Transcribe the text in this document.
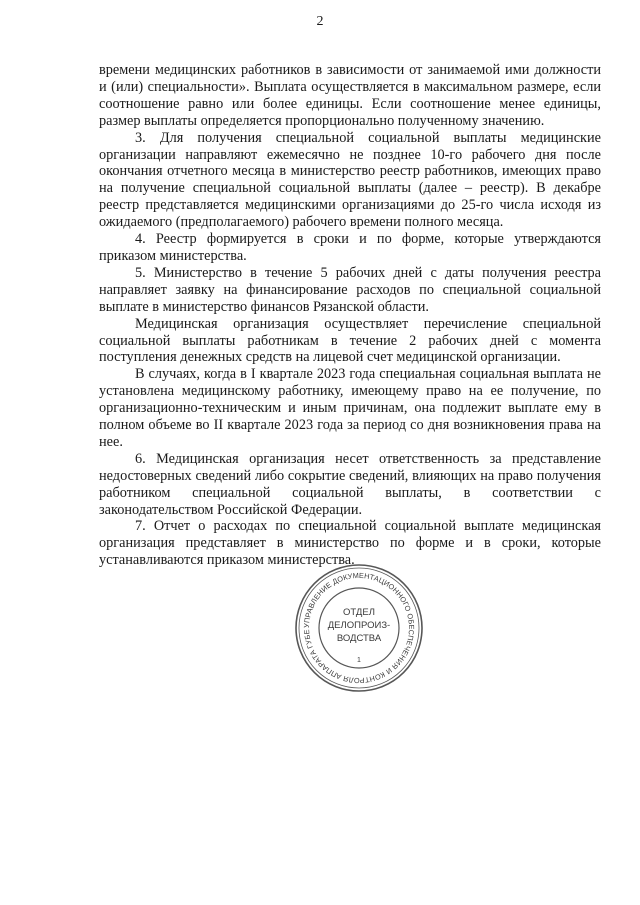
2

времени медицинских работников в зависимости от занимаемой ими должности и (или) специальности». Выплата осуществляется в максимальном размере, если соотношение равно или более единицы. Если соотношение менее единицы, размер выплаты определяется пропорционально полученному значению.

3. Для получения специальной социальной выплаты медицинские организации направляют ежемесячно не позднее 10-го рабочего дня после окончания отчетного месяца в министерство реестр работников, имеющих право на получение специальной социальной выплаты (далее – реестр). В декабре реестр представляется медицинскими организациями до 25-го числа исходя из ожидаемого (предполагаемого) рабочего времени полного месяца.

4. Реестр формируется в сроки и по форме, которые утверждаются приказом министерства.

5. Министерство в течение 5 рабочих дней с даты получения реестра направляет заявку на финансирование расходов по специальной социальной выплате в министерство финансов Рязанской области.

Медицинская организация осуществляет перечисление специальной социальной выплаты работникам в течение 2 рабочих дней с момента поступления денежных средств на лицевой счет медицинской организации.

В случаях, когда в I квартале 2023 года специальная социальная выплата не установлена медицинскому работнику, имеющему право на ее получение, по организационно-техническим и иным причинам, она подлежит выплате ему в полном объеме во II квартале 2023 года за период со дня возникновения права на нее.

6. Медицинская организация несет ответственность за представление недостоверных сведений либо сокрытие сведений, влияющих на право получения работником специальной социальной выплаты, в соответствии с законодательством Российской Федерации.

7. Отчет о расходах по специальной социальной выплате медицинская организация представляет в министерство по форме и в сроки, которые устанавливаются приказом министерства.

УПРАВЛЕНИЕ ДОКУМЕНТАЦИОННОГО ОБЕСПЕЧЕНИЯ И КОНТРОЛЯ АППАРАТА ГУБЕ
ОТДЕЛ
ДЕЛОПРОИЗ-
ВОДСТВА
1
